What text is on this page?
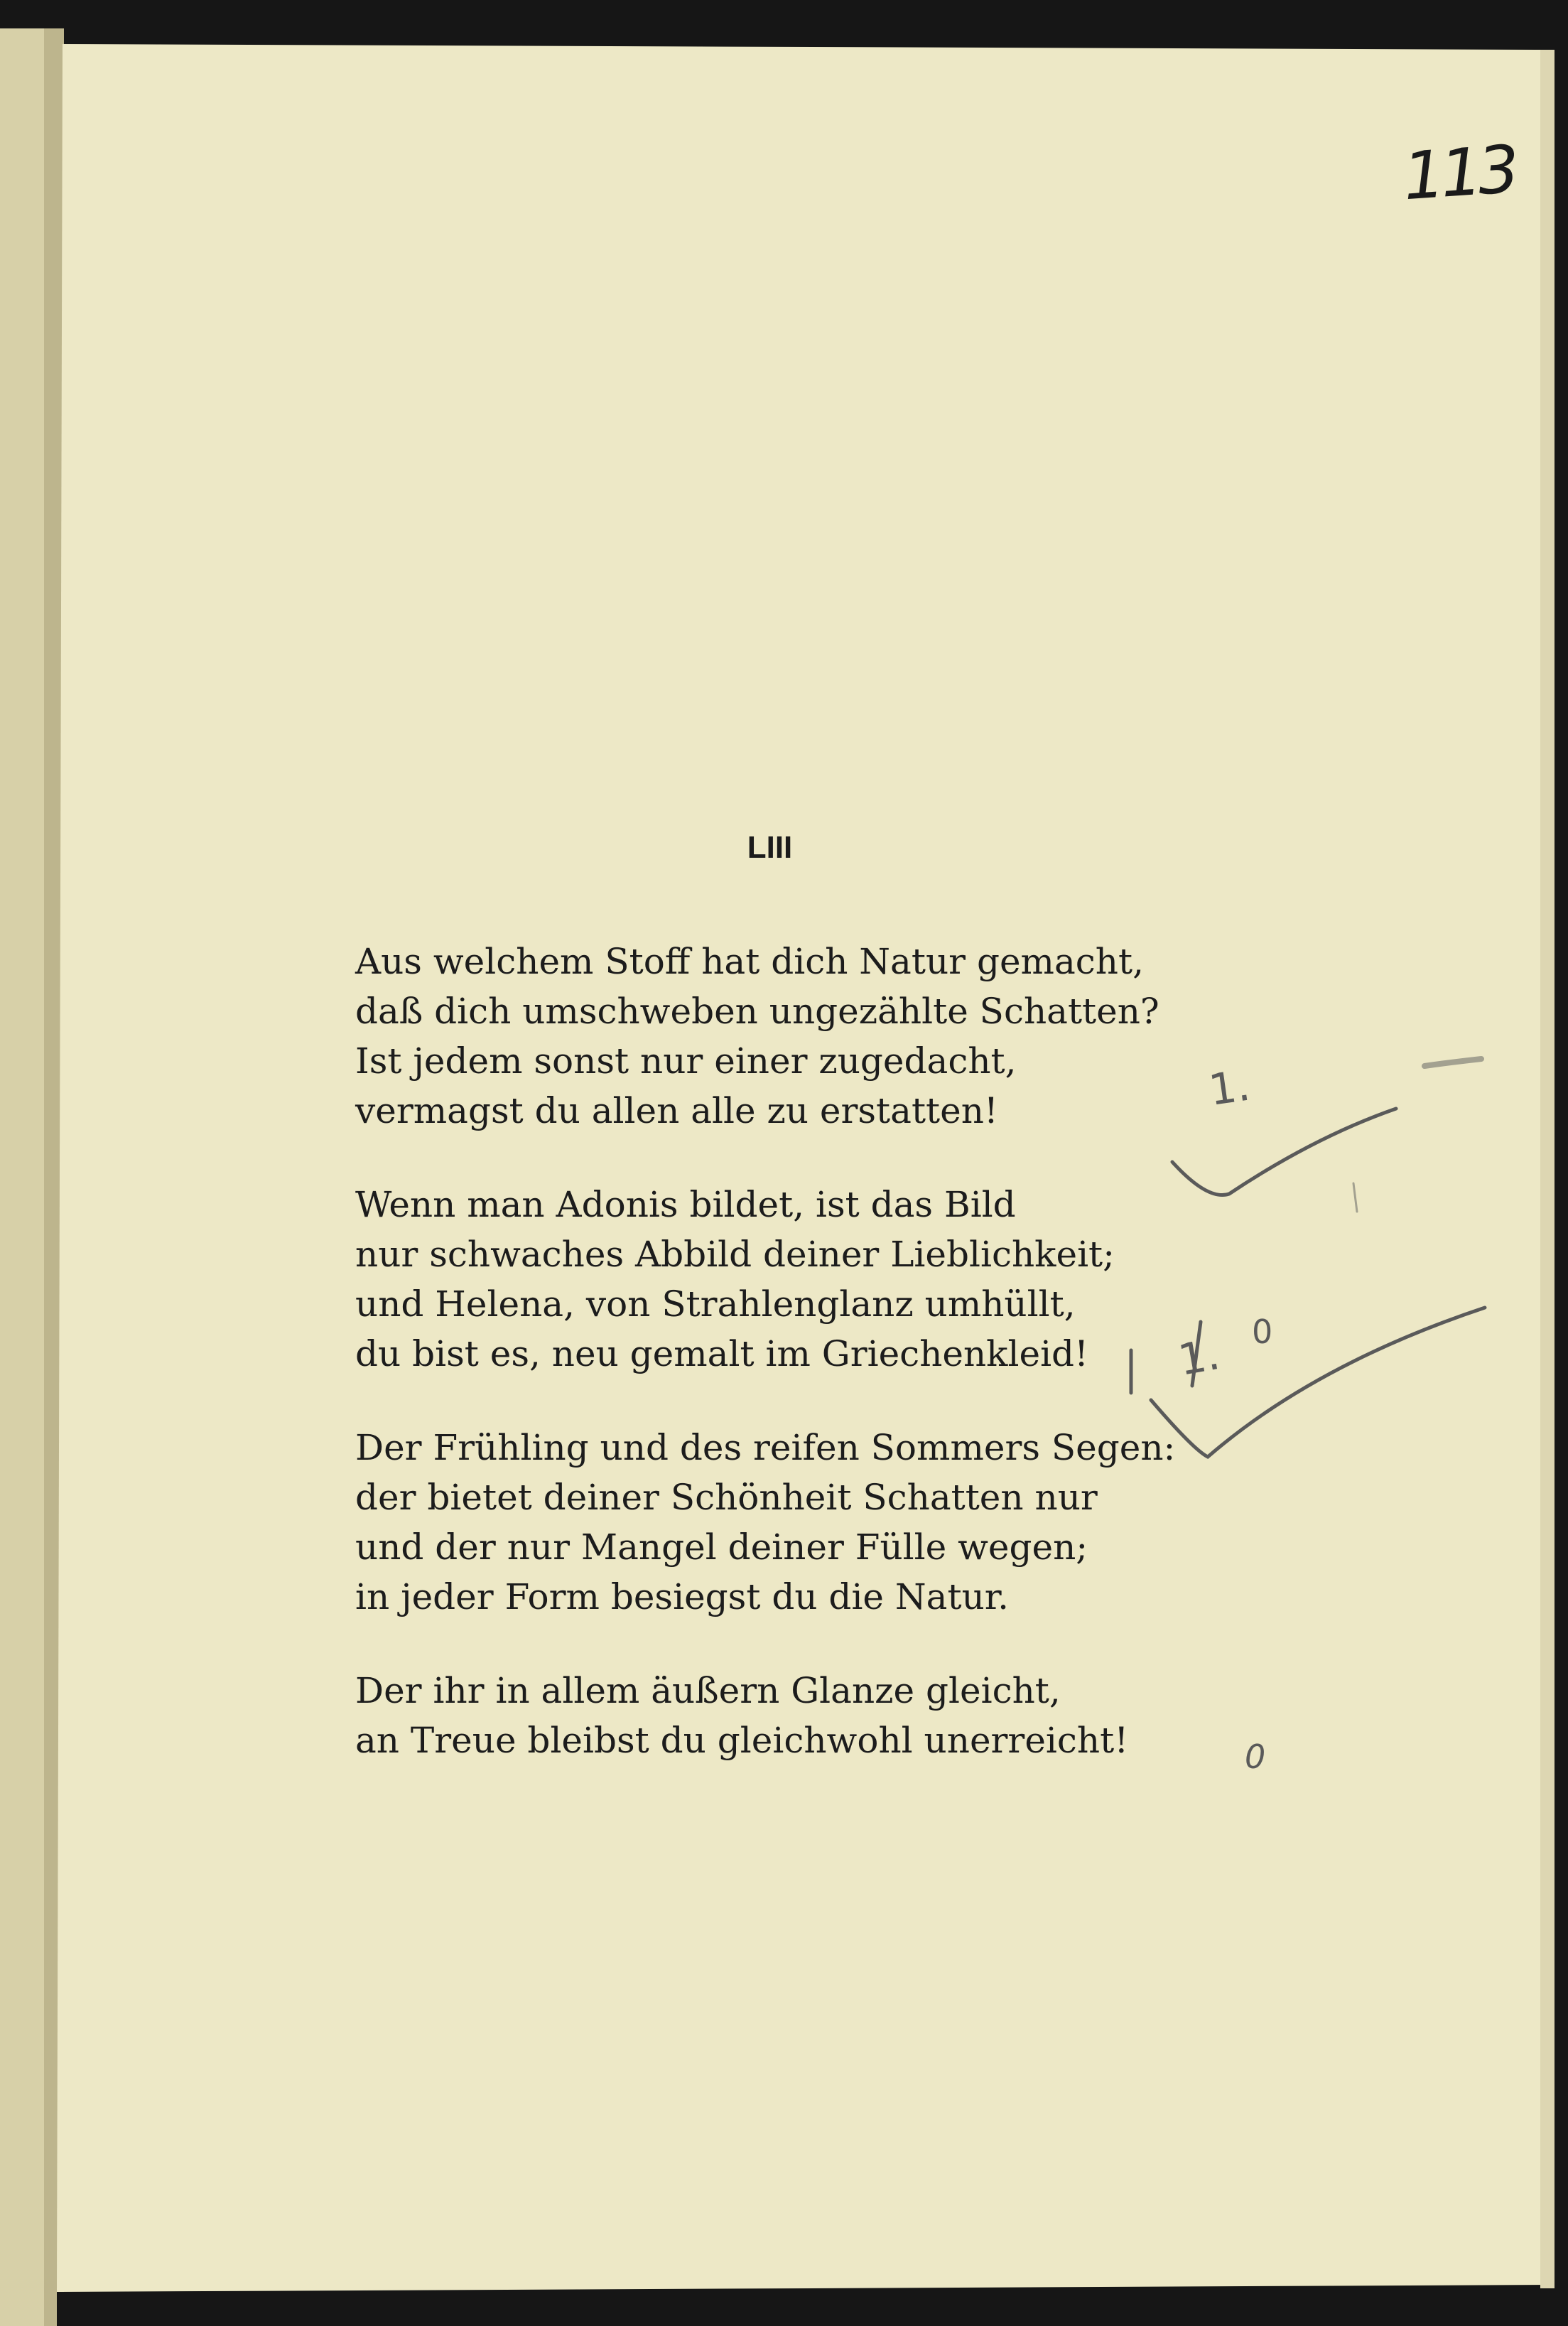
113
LIII
Aus welchem Stoff hat dich Natur gemacht,
daß dich umschweben ungezählte Schatten?
Ist jedem sonst nur einer zugedacht,
vermagst du allen alle zu erstatten!
Wenn man Adonis bildet, ist das Bild
nur schwaches Abbild deiner Lieblichkeit;
und Helena, von Strahlenglanz umhüllt,
du bist es, neu gemalt im Griechenkleid!
Der Frühling und des reifen Sommers Segen:
der bietet deiner Schönheit Schatten nur
und der nur Mangel deiner Fülle wegen;
in jeder Form besiegst du die Natur.
Der ihr in allem äußern Glanze gleicht,
an Treue bleibst du gleichwohl unerreicht!
1.
1. 0
0
